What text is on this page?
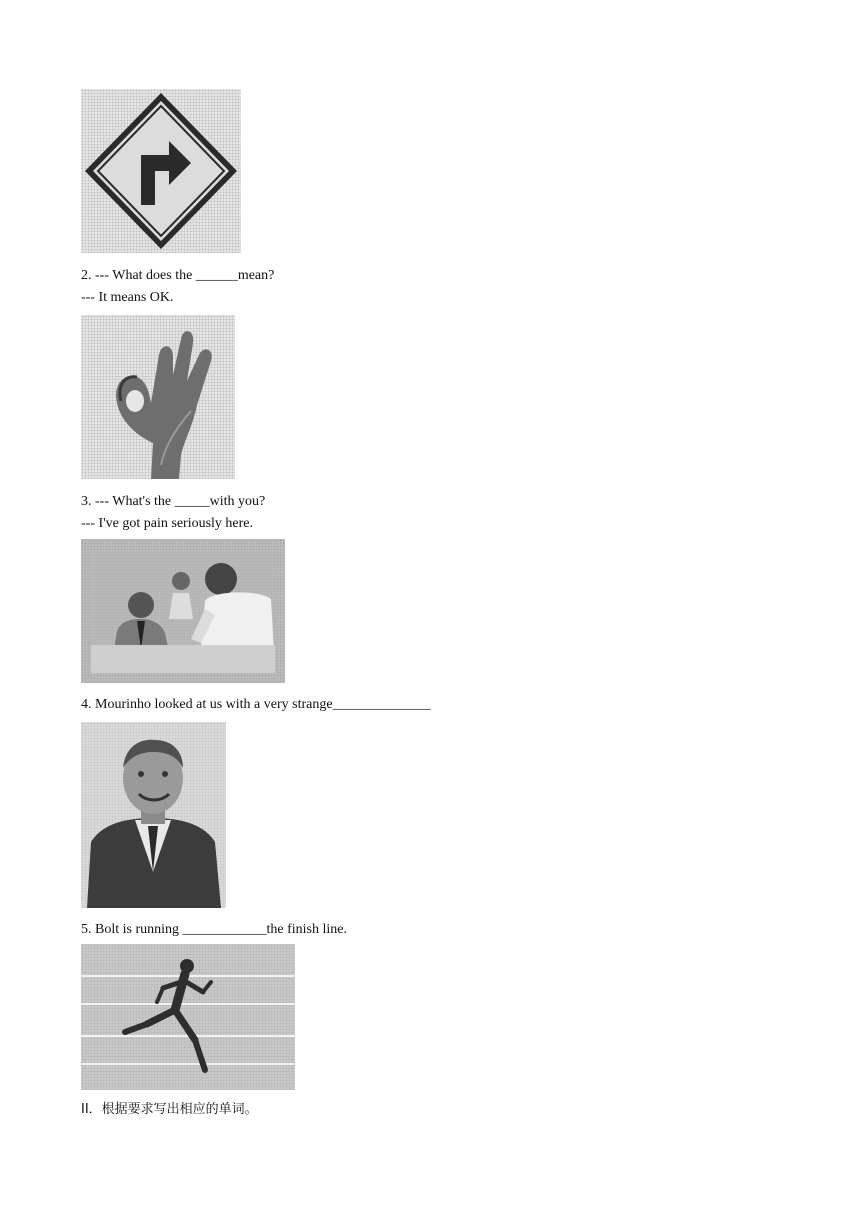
2. --- What does the ______mean?
--- It means OK.
3. --- What's the _____with you?
--- I've got pain seriously here.
4. Mourinho looked at us with a very strange______________
5. Bolt is running ____________the finish line.
II．根据要求写出相应的单词。
